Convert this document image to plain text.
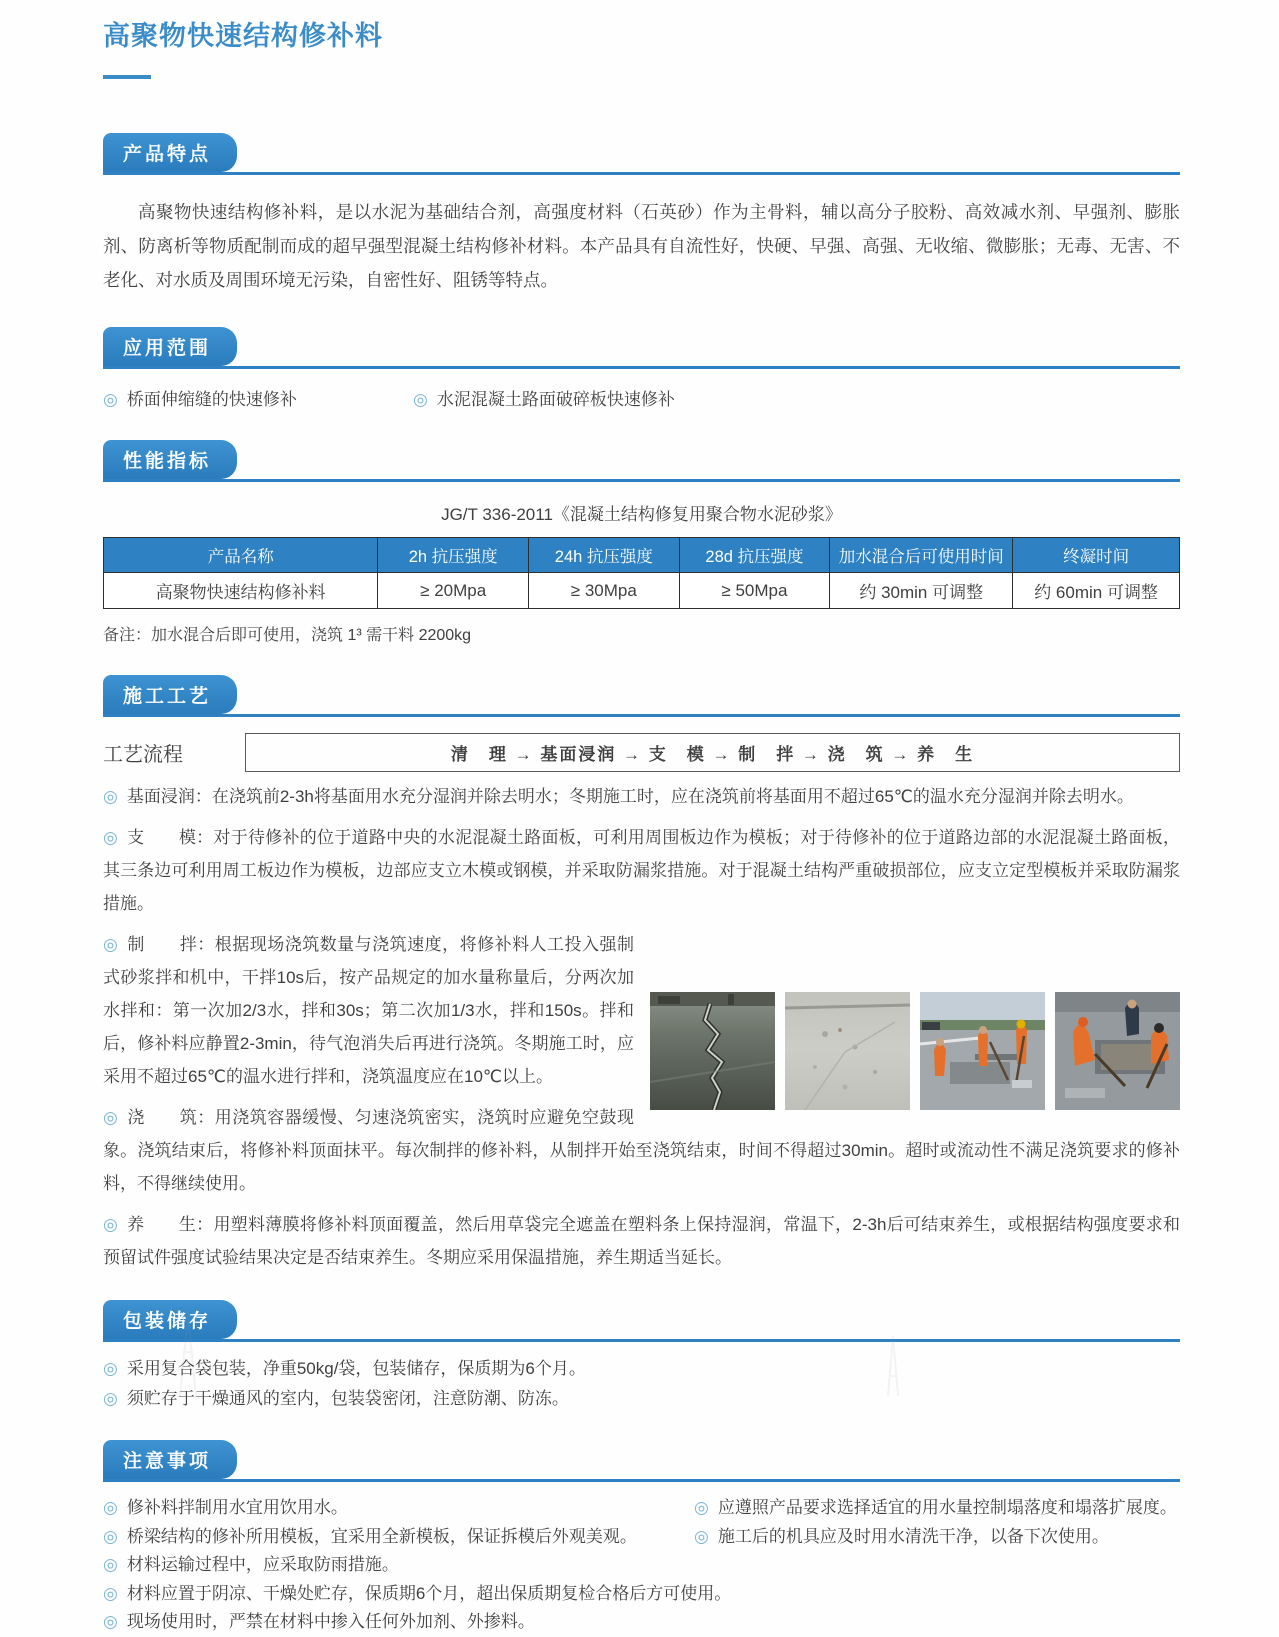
高聚物快速结构修补料
产品特点

高聚物快速结构修补料，是以水泥为基础结合剂，高强度材料（石英砂）作为主骨料，辅以高分子胶粉、高效减水剂、早强剂、膨胀剂、防离析等物质配制而成的超早强型混凝土结构修补材料。本产品具有自流性好，快硬、早强、高强、无收缩、微膨胀；无毒、无害、不老化、对水质及周围环境无污染，自密性好、阻锈等特点。

应用范围
◎ 桥面伸缩缝的快速修补	◎ 水泥混凝土路面破碎板快速修补
性能指标
JG/T 336-2011《混凝土结构修复用聚合物水泥砂浆》
产品名称	2h 抗压强度	24h 抗压强度	28d 抗压强度	加水混合后可使用时间	终凝时间
高聚物快速结构修补料	≥ 20Mpa	≥ 30Mpa	≥ 50Mpa	约 30min 可调整	约 60min 可调整
备注：加水混合后即可使用，浇筑 1³ 需干料 2200kg
施工工艺
工艺流程	清　理 → 基面浸润 → 支　模 → 制　拌 → 浇　筑 → 养　生

◎ 基面浸润：在浇筑前2-3h将基面用水充分湿润并除去明水；冬期施工时，应在浇筑前将基面用不超过65℃的温水充分湿润并除去明水。

◎ 支　　模：对于待修补的位于道路中央的水泥混凝土路面板，可利用周围板边作为模板；对于待修补的位于道路边部的水泥混凝土路面板，其三条边可利用周工板边作为模板，边部应支立木模或钢模，并采取防漏浆措施。对于混凝土结构严重破损部位，应支立定型模板并采取防漏浆措施。

◎ 制　　拌：根据现场浇筑数量与浇筑速度，将修补料人工投入强制式砂浆拌和机中，干拌10s后，按产品规定的加水量称量后，分两次加水拌和：第一次加2/3水，拌和30s；第二次加1/3水，拌和150s。拌和后，修补料应静置2-3min，待气泡消失后再进行浇筑。冬期施工时，应采用不超过65℃的温水进行拌和，浇筑温度应在10℃以上。

◎ 浇　　筑：用浇筑容器缓慢、匀速浇筑密实，浇筑时应避免空鼓现象。浇筑结束后，将修补料顶面抹平。每次制拌的修补料，从制拌开始至浇筑结束，时间不得超过30min。超时或流动性不满足浇筑要求的修补料，不得继续使用。

◎ 养　　生：用塑料薄膜将修补料顶面覆盖，然后用草袋完全遮盖在塑料条上保持湿润，常温下，2-3h后可结束养生，或根据结构强度要求和预留试件强度试验结果决定是否结束养生。冬期应采用保温措施，养生期适当延长。

包装储存
◎ 采用复合袋包装，净重50kg/袋，包装储存，保质期为6个月。
◎ 须贮存于干燥通风的室内，包装袋密闭，注意防潮、防冻。
注意事项
◎ 修补料拌制用水宜用饮用水。
◎ 桥梁结构的修补所用模板，宜采用全新模板，保证拆模后外观美观。
◎ 材料运输过程中，应采取防雨措施。
◎ 材料应置于阴凉、干燥处贮存，保质期6个月，超出保质期复检合格后方可使用。
◎ 现场使用时，严禁在材料中掺入任何外加剂、外掺料。
◎ 应遵照产品要求选择适宜的用水量控制塌落度和塌落扩展度。
◎ 施工后的机具应及时用水清洗干净，以备下次使用。
